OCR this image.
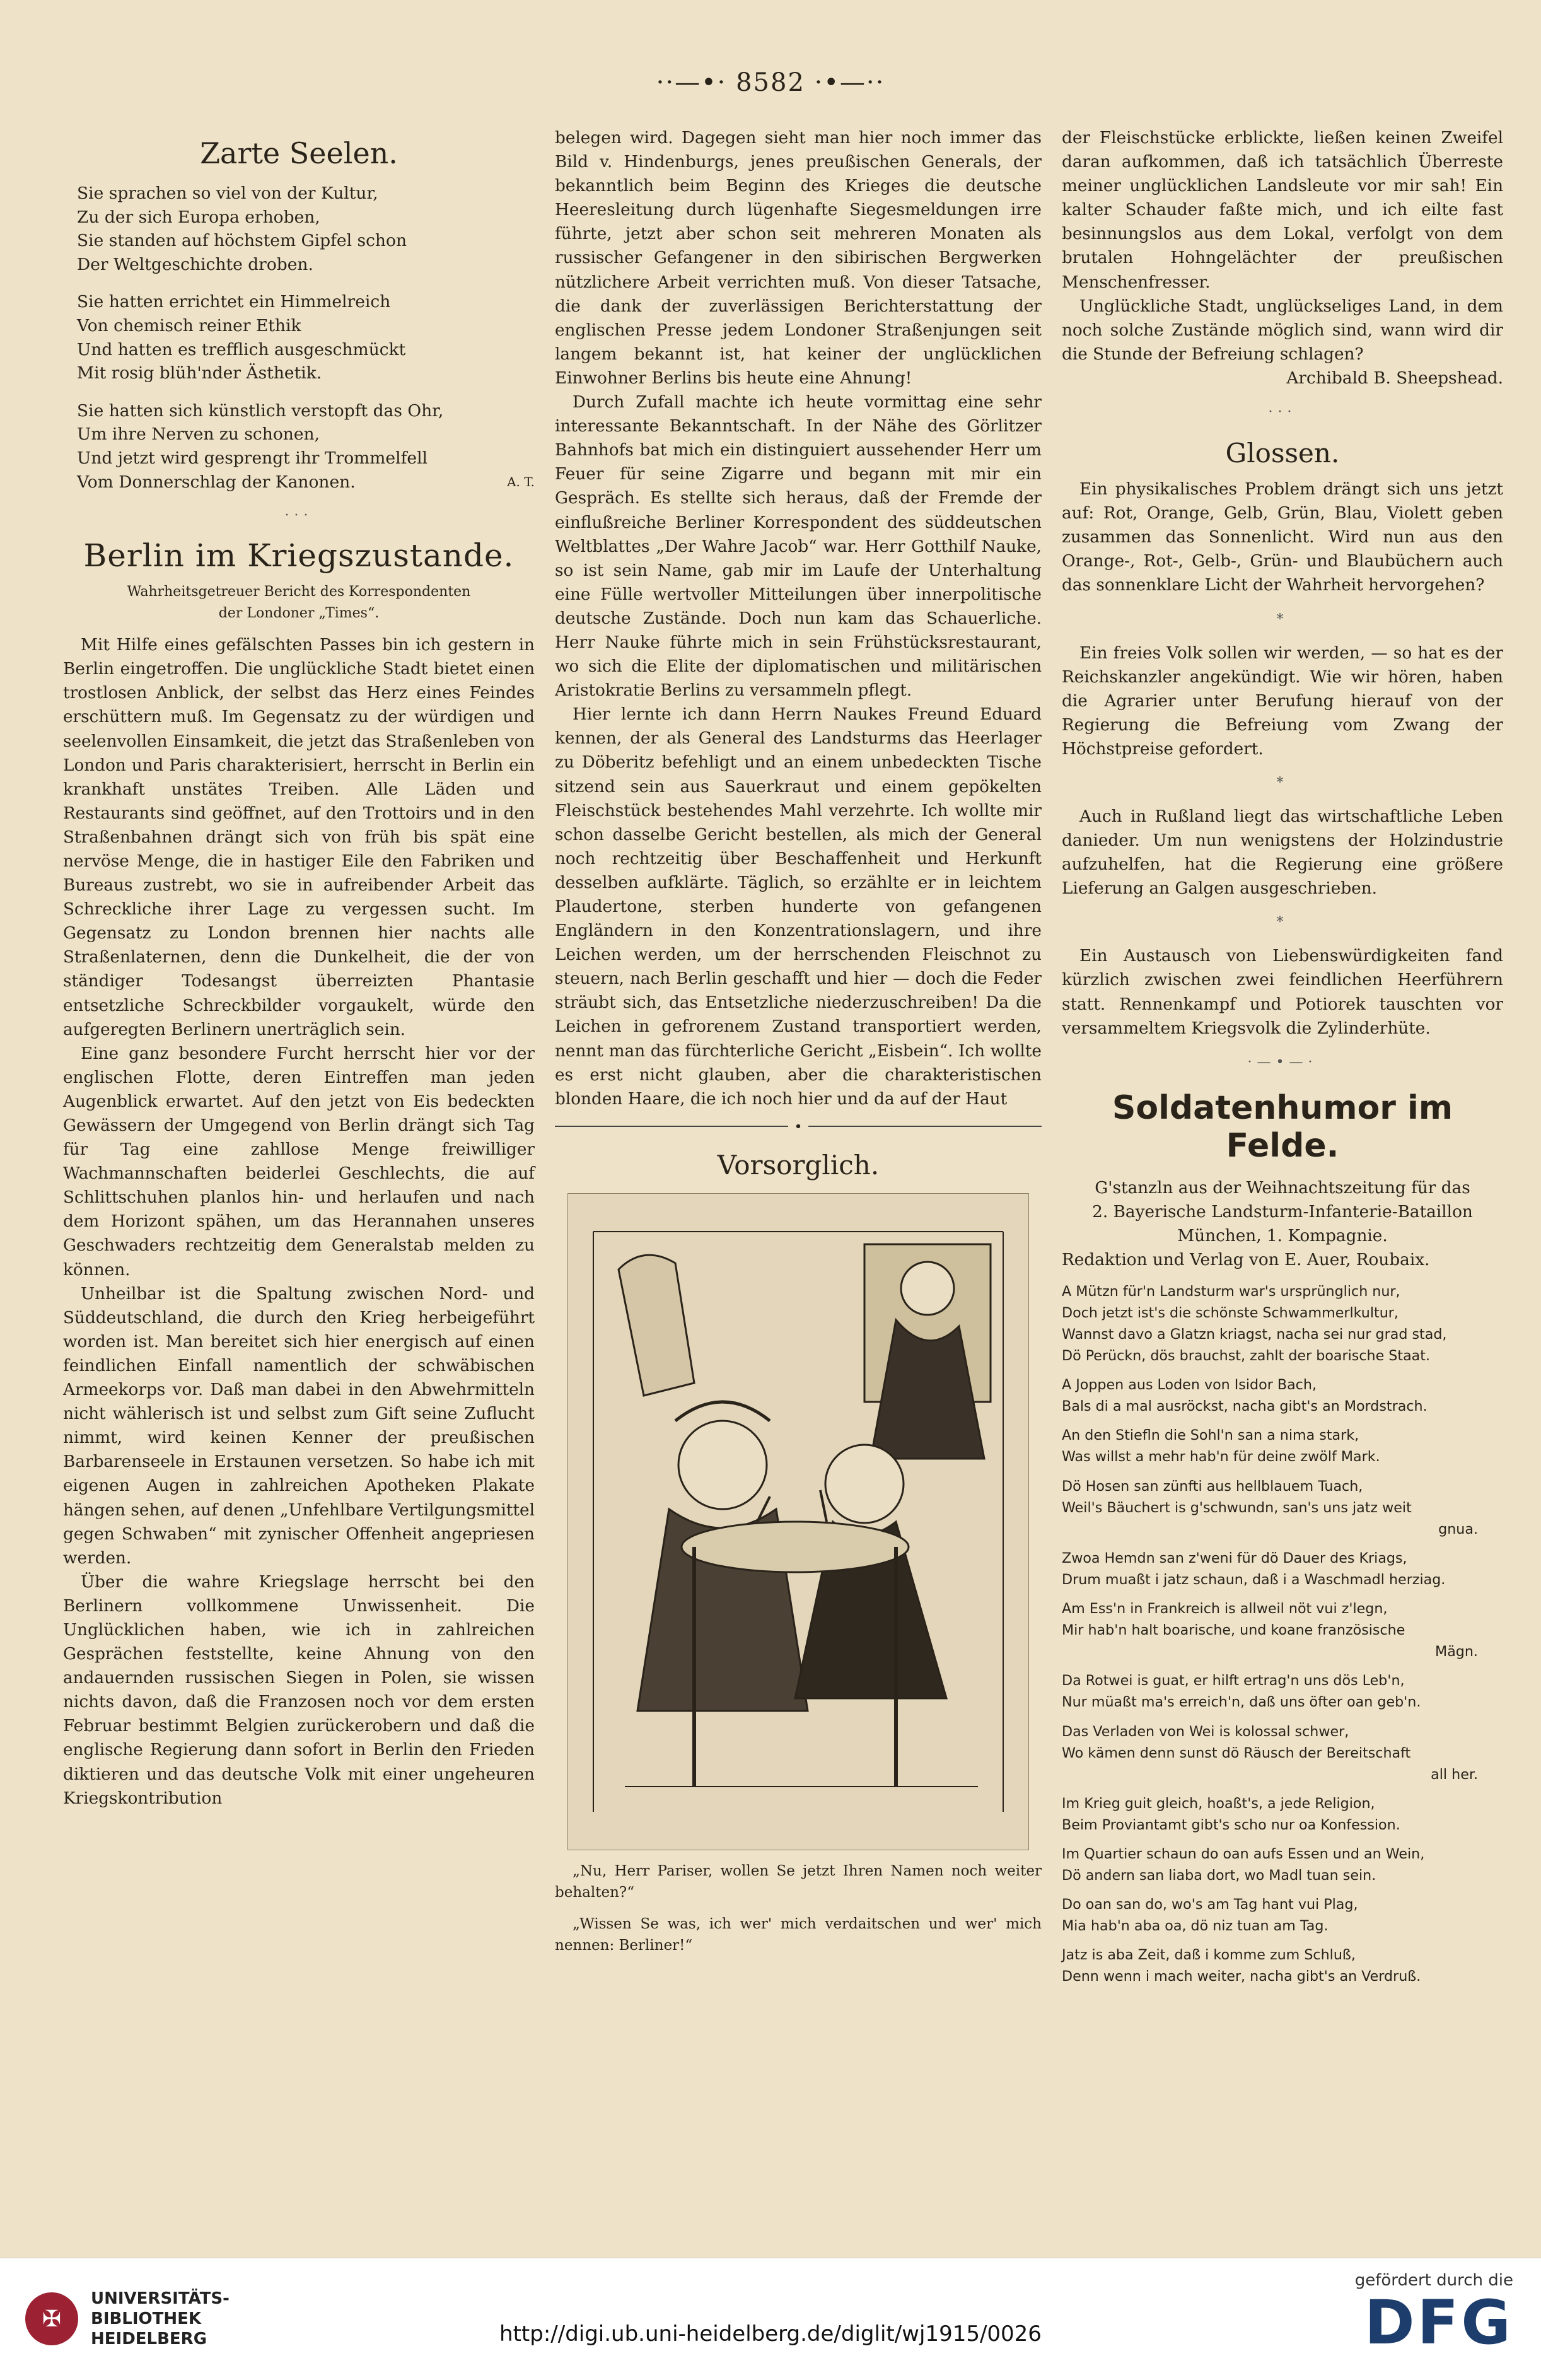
··—•· 8582 ·•—··
Zarte Seelen.
Sie sprachen so viel von der Kultur,
Zu der sich Europa erhoben,
Sie standen auf höchstem Gipfel schon
Der Weltgeschichte droben.
Sie hatten errichtet ein Himmelreich
Von chemisch reiner Ethik
Und hatten es trefflich ausgeschmückt
Mit rosig blüh'nder Ästhetik.
Sie hatten sich künstlich verstopft das Ohr,
Um ihre Nerven zu schonen,
Und jetzt wird gesprengt ihr Trommelfell
Vom Donnerschlag der Kanonen.	A. T.
···
Berlin im Kriegszustande.
Wahrheitsgetreuer Bericht des Korrespondenten
der Londoner „Times“.

Mit Hilfe eines gefälschten Passes bin ich gestern in Berlin eingetroffen. Die unglückliche Stadt bietet einen trostlosen Anblick, der selbst das Herz eines Feindes erschüttern muß. Im Gegensatz zu der würdigen und seelenvollen Einsamkeit, die jetzt das Straßenleben von London und Paris charakterisiert, herrscht in Berlin ein krankhaft unstätes Treiben. Alle Läden und Restaurants sind geöffnet, auf den Trottoirs und in den Straßenbahnen drängt sich von früh bis spät eine nervöse Menge, die in hastiger Eile den Fabriken und Bureaus zustrebt, wo sie in aufreibender Arbeit das Schreckliche ihrer Lage zu vergessen sucht. Im Gegensatz zu London brennen hier nachts alle Straßenlaternen, denn die Dunkelheit, die der von ständiger Todesangst überreizten Phantasie entsetzliche Schreckbilder vorgaukelt, würde den aufgeregten Berlinern unerträglich sein.

Eine ganz besondere Furcht herrscht hier vor der englischen Flotte, deren Eintreffen man jeden Augenblick erwartet. Auf den jetzt von Eis bedeckten Gewässern der Umgegend von Berlin drängt sich Tag für Tag eine zahllose Menge freiwilliger Wachmannschaften beiderlei Geschlechts, die auf Schlittschuhen planlos hin- und herlaufen und nach dem Horizont spähen, um das Herannahen unseres Geschwaders rechtzeitig dem Generalstab melden zu können.

Unheilbar ist die Spaltung zwischen Nord- und Süddeutschland, die durch den Krieg herbeigeführt worden ist. Man bereitet sich hier energisch auf einen feindlichen Einfall namentlich der schwäbischen Armeekorps vor. Daß man dabei in den Abwehrmitteln nicht wählerisch ist und selbst zum Gift seine Zuflucht nimmt, wird keinen Kenner der preußischen Barbarenseele in Erstaunen versetzen. So habe ich mit eigenen Augen in zahlreichen Apotheken Plakate hängen sehen, auf denen „Unfehlbare Vertilgungsmittel gegen Schwaben“ mit zynischer Offenheit angepriesen werden.

Über die wahre Kriegslage herrscht bei den Berlinern vollkommene Unwissenheit. Die Unglücklichen haben, wie ich in zahlreichen Gesprächen feststellte, keine Ahnung von den andauernden russischen Siegen in Polen, sie wissen nichts davon, daß die Franzosen noch vor dem ersten Februar bestimmt Belgien zurückerobern und daß die englische Regierung dann sofort in Berlin den Frieden diktieren und das deutsche Volk mit einer ungeheuren Kriegskontribution

belegen wird. Dagegen sieht man hier noch immer das Bild v. Hindenburgs, jenes preußischen Generals, der bekanntlich beim Beginn des Krieges die deutsche Heeresleitung durch lügenhafte Siegesmeldungen irre führte, jetzt aber schon seit mehreren Monaten als russischer Gefangener in den sibirischen Bergwerken nützlichere Arbeit verrichten muß. Von dieser Tatsache, die dank der zuverlässigen Berichterstattung der englischen Presse jedem Londoner Straßenjungen seit langem bekannt ist, hat keiner der unglücklichen Einwohner Berlins bis heute eine Ahnung!

Durch Zufall machte ich heute vormittag eine sehr interessante Bekanntschaft. In der Nähe des Görlitzer Bahnhofs bat mich ein distinguiert aussehender Herr um Feuer für seine Zigarre und begann mit mir ein Gespräch. Es stellte sich heraus, daß der Fremde der einflußreiche Berliner Korrespondent des süddeutschen Weltblattes „Der Wahre Jacob“ war. Herr Gotthilf Nauke, so ist sein Name, gab mir im Laufe der Unterhaltung eine Fülle wertvoller Mitteilungen über innerpolitische deutsche Zustände. Doch nun kam das Schauerliche. Herr Nauke führte mich in sein Frühstücksrestaurant, wo sich die Elite der diplomatischen und militärischen Aristokratie Berlins zu versammeln pflegt.

Hier lernte ich dann Herrn Naukes Freund Eduard kennen, der als General des Landsturms das Heerlager zu Döberitz befehligt und an einem unbedeckten Tische sitzend sein aus Sauerkraut und einem gepökelten Fleischstück bestehendes Mahl verzehrte. Ich wollte mir schon dasselbe Gericht bestellen, als mich der General noch rechtzeitig über Beschaffenheit und Herkunft desselben aufklärte. Täglich, so erzählte er in leichtem Plaudertone, sterben hunderte von gefangenen Engländern in den Konzentrationslagern, und ihre Leichen werden, um der herrschenden Fleischnot zu steuern, nach Berlin geschafft und hier — doch die Feder sträubt sich, das Entsetzliche niederzuschreiben! Da die Leichen in gefrorenem Zustand transportiert werden, nennt man das fürchterliche Gericht „Eisbein“. Ich wollte es erst nicht glauben, aber die charakteristischen blonden Haare, die ich noch hier und da auf der Haut

•
Vorsorglich.

„Nu, Herr Pariser, wollen Se jetzt Ihren Namen noch weiter behalten?“

„Wissen Se was, ich wer' mich verdaitschen und wer' mich nennen: Berliner!“

der Fleischstücke erblickte, ließen keinen Zweifel daran aufkommen, daß ich tatsächlich Überreste meiner unglücklichen Landsleute vor mir sah! Ein kalter Schauder faßte mich, und ich eilte fast besinnungslos aus dem Lokal, verfolgt von dem brutalen Hohngelächter der preußischen Menschenfresser.

Unglückliche Stadt, unglückseliges Land, in dem noch solche Zustände möglich sind, wann wird dir die Stunde der Befreiung schlagen?

Archibald B. Sheepshead.

···
Glossen.

Ein physikalisches Problem drängt sich uns jetzt auf: Rot, Orange, Gelb, Grün, Blau, Violett geben zusammen das Sonnenlicht. Wird nun aus den Orange-, Rot-, Gelb-, Grün- und Blaubüchern auch das sonnenklare Licht der Wahrheit hervorgehen?

*

Ein freies Volk sollen wir werden, — so hat es der Reichskanzler angekündigt. Wie wir hören, haben die Agrarier unter Berufung hierauf von der Regierung die Befreiung vom Zwang der Höchstpreise gefordert.

*

Auch in Rußland liegt das wirtschaftliche Leben danieder. Um nun wenigstens der Holzindustrie aufzuhelfen, hat die Regierung eine größere Lieferung an Galgen ausgeschrieben.

*

Ein Austausch von Liebenswürdigkeiten fand kürzlich zwischen zwei feindlichen Heerführern statt. Rennenkampf und Potiorek tauschten vor versammeltem Kriegsvolk die Zylinderhüte.

·—•—·
Soldatenhumor im Felde.
G'stanzln aus der Weihnachtszeitung für das
2. Bayerische Landsturm-Infanterie-Bataillon
München, 1. Kompagnie.

Redaktion und Verlag von E. Auer, Roubaix.

A Mützn für'n Landsturm war's ursprünglich nur,
Doch jetzt ist's die schönste Schwammerlkultur,
Wannst davo a Glatzn kriagst, nacha sei nur grad stad,
Dö Perückn, dös brauchst, zahlt der boarische Staat.
A Joppen aus Loden von Isidor Bach,
Bals di a mal ausröckst, nacha gibt's an Mordstrach.
An den Stiefln die Sohl'n san a nima stark,
Was willst a mehr hab'n für deine zwölf Mark.
Dö Hosen san zünfti aus hellblauem Tuach,
Weil's Bäuchert is g'schwundn, san's uns jatz weit
gnua.
Zwoa Hemdn san z'weni für dö Dauer des Kriags,
Drum muaßt i jatz schaun, daß i a Waschmadl herziag.
Am Ess'n in Frankreich is allweil nöt vui z'legn,
Mir hab'n halt boarische, und koane französische
Mägn.
Da Rotwei is guat, er hilft ertrag'n uns dös Leb'n,
Nur müaßt ma's erreich'n, daß uns öfter oan geb'n.
Das Verladen von Wei is kolossal schwer,
Wo kämen denn sunst dö Räusch der Bereitschaft
all her.
Im Krieg guit gleich, hoaßt's, a jede Religion,
Beim Proviantamt gibt's scho nur oa Konfession.
Im Quartier schaun do oan aufs Essen und an Wein,
Dö andern san liaba dort, wo Madl tuan sein.
Do oan san do, wo's am Tag hant vui Plag,
Mia hab'n aba oa, dö niz tuan am Tag.
Jatz is aba Zeit, daß i komme zum Schluß,
Denn wenn i mach weiter, nacha gibt's an Verdruß.
✠
UNIVERSITÄTS-
BIBLIOTHEK
HEIDELBERG	http://digi.ub.uni-heidelberg.de/diglit/wj1915/0026
gefördert durch die
DFG
